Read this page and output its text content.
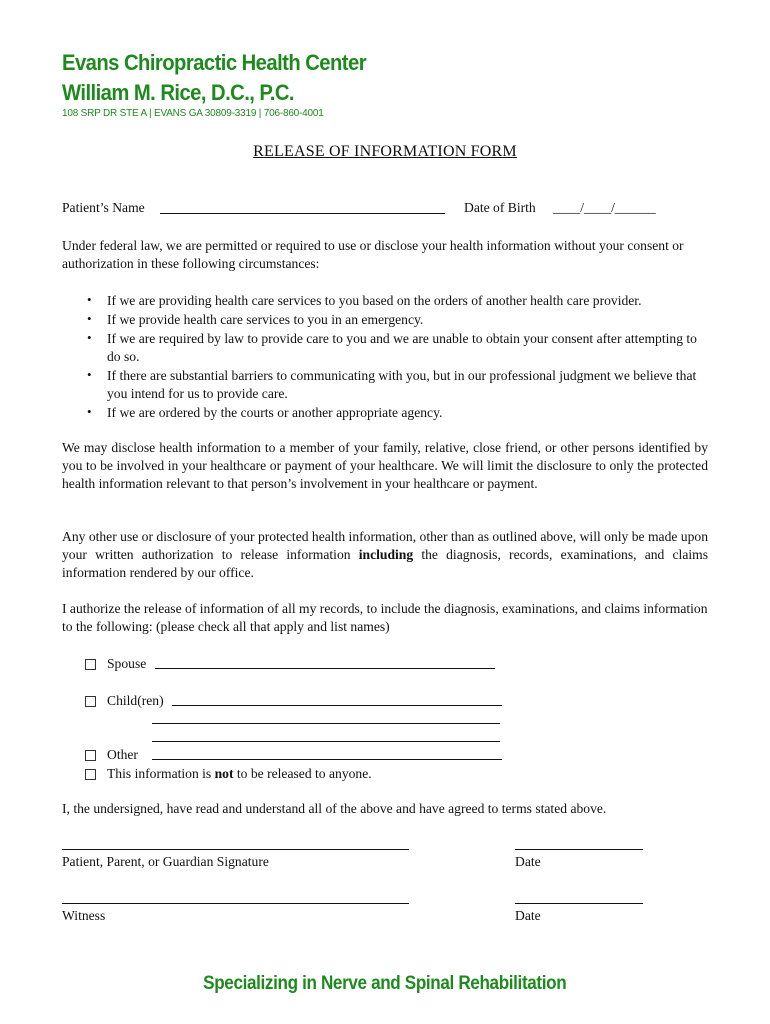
Evans Chiropractic Health Center
William M. Rice, D.C., P.C.
108 SRP DR STE A | EVANS GA 30809-3319 | 706-860-4001
RELEASE OF INFORMATION FORM
Patient’s Name	Date of Birth ____/____/______
Under federal law, we are permitted or required to use or disclose your health information without your consent or authorization in these following circumstances:
• If we are providing health care services to you based on the orders of another health care provider.
• If we provide health care services to you in an emergency.
• If we are required by law to provide care to you and we are unable to obtain your consent after attempting to do so.
• If there are substantial barriers to communicating with you, but in our professional judgment we believe that you intend for us to provide care.
• If we are ordered by the courts or another appropriate agency.
We may disclose health information to a member of your family, relative, close friend, or other persons identified by you to be involved in your healthcare or payment of your healthcare. We will limit the disclosure to only the protected health information relevant to that person’s involvement in your healthcare or payment.
Any other use or disclosure of your protected health information, other than as outlined above, will only be made upon your written authorization to release information including the diagnosis, records, examinations, and claims information rendered by our office.
I authorize the release of information of all my records, to include the diagnosis, examinations, and claims information to the following: (please check all that apply and list names)
Spouse
Child(ren)
Other
This information is not to be released to anyone.
I, the undersigned, have read and understand all of the above and have agreed to terms stated above.
Patient, Parent, or Guardian Signature	Date
Witness	Date
Specializing in Nerve and Spinal Rehabilitation
